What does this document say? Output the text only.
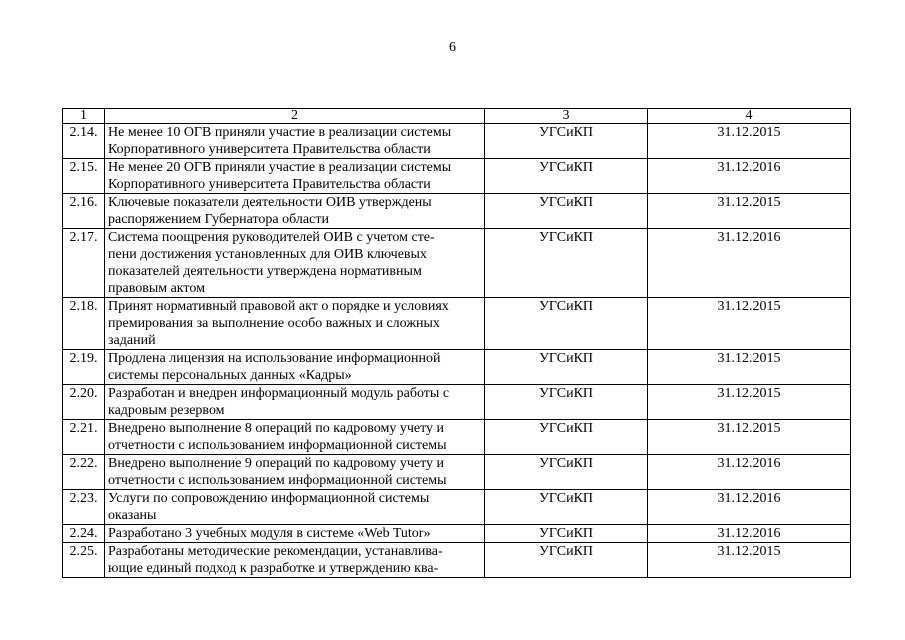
6
1	2	3	4
2.14.	Не менее 10 ОГВ приняли участие в реализации системы
Корпоративного университета Правительства области	УГСиКП	31.12.2015
2.15.	Не менее 20 ОГВ приняли участие в реализации системы
Корпоративного университета Правительства области	УГСиКП	31.12.2016
2.16.	Ключевые показатели деятельности ОИВ утверждены
распоряжением Губернатора области	УГСиКП	31.12.2015
2.17.	Система поощрения руководителей ОИВ с учетом сте-
пени достижения установленных для ОИВ ключевых
показателей деятельности утверждена нормативным
правовым актом	УГСиКП	31.12.2016
2.18.	Принят нормативный правовой акт о порядке и условиях
премирования за выполнение особо важных и сложных
заданий	УГСиКП	31.12.2015
2.19.	Продлена лицензия на использование информационной
системы персональных данных «Кадры»	УГСиКП	31.12.2015
2.20.	Разработан и внедрен информационный модуль работы с
кадровым резервом	УГСиКП	31.12.2015
2.21.	Внедрено выполнение 8 операций по кадровому учету и
отчетности с использованием информационной системы	УГСиКП	31.12.2015
2.22.	Внедрено выполнение 9 операций по кадровому учету и
отчетности с использованием информационной системы	УГСиКП	31.12.2016
2.23.	Услуги по сопровождению информационной системы
оказаны	УГСиКП	31.12.2016
2.24.	Разработано 3 учебных модуля в системе «Web Tutor»	УГСиКП	31.12.2016
2.25.	Разработаны методические рекомендации, устанавлива-
ющие единый подход к разработке и утверждению ква-	УГСиКП	31.12.2015
